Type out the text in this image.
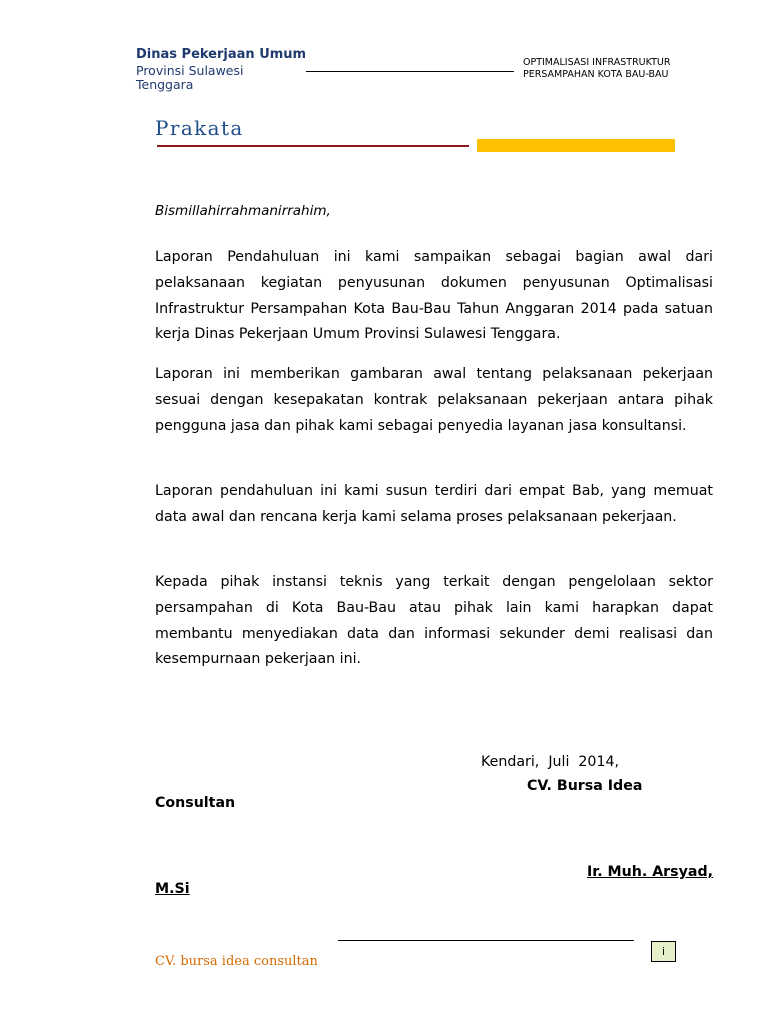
Dinas Pekerjaan Umum
Provinsi Sulawesi Tenggara
OPTIMALISASI INFRASTRUKTUR
PERSAMPAHAN KOTA BAU-BAU
Prakata
Bismillahirrahmanirrahim,
Laporan Pendahuluan ini kami sampaikan sebagai bagian awal dari pelaksanaan kegiatan penyusunan dokumen penyusunan Optimalisasi Infrastruktur Persampahan Kota Bau-Bau Tahun Anggaran 2014 pada satuan kerja Dinas Pekerjaan Umum Provinsi Sulawesi Tenggara.
Laporan ini memberikan gambaran awal tentang pelaksanaan pekerjaan sesuai dengan kesepakatan kontrak pelaksanaan pekerjaan antara pihak pengguna jasa dan pihak kami sebagai penyedia layanan jasa konsultansi.
Laporan pendahuluan ini kami susun terdiri dari empat Bab, yang memuat data awal dan rencana kerja kami selama proses pelaksanaan pekerjaan.
Kepada pihak instansi teknis yang terkait dengan pengelolaan sektor persampahan di Kota Bau-Bau atau pihak lain kami harapkan dapat membantu menyediakan data dan informasi sekunder demi realisasi dan kesempurnaan pekerjaan ini.
Kendari,  Juli  2014,
CV. Bursa Idea
Consultan
Ir. Muh. Arsyad,
M.Si
CV. bursa idea consultan
i
